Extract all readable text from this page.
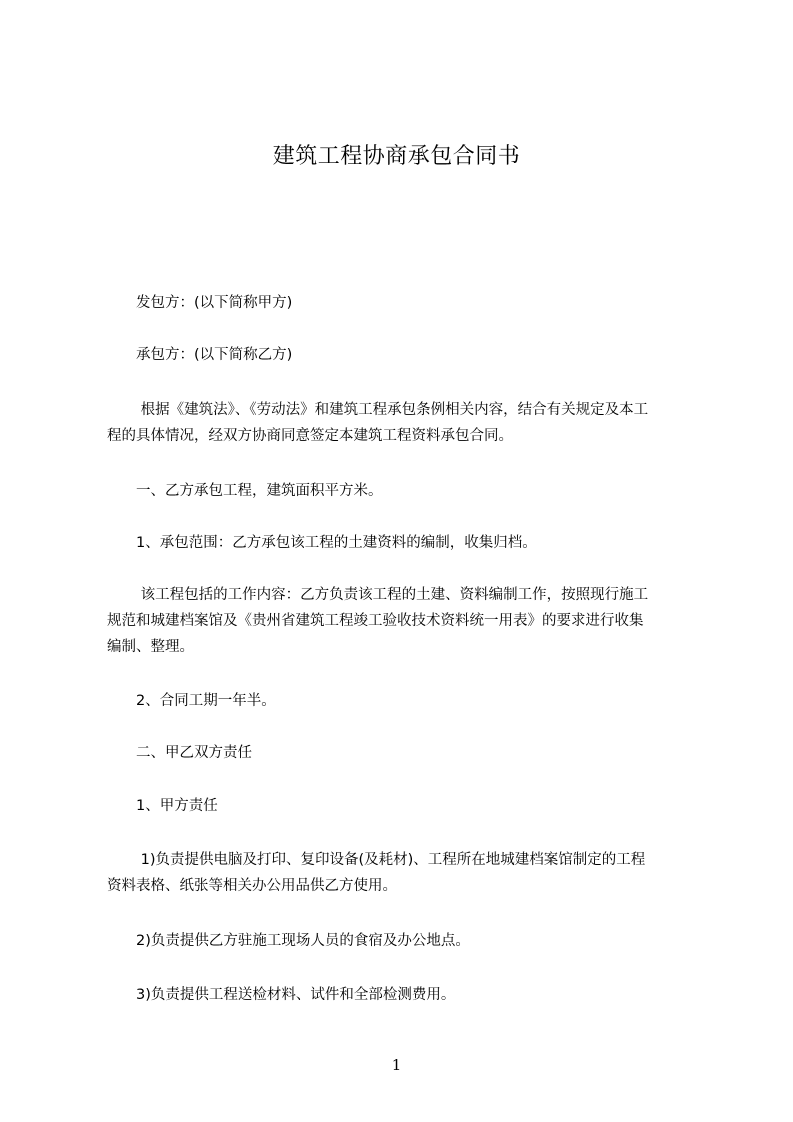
建筑工程协商承包合同书
　　发包方：(以下简称甲方)
　　承包方：(以下简称乙方)
　　 根据《建筑法》、《劳动法》和建筑工程承包条例相关内容，结合有关规定及本工
程的具体情况，经双方协商同意签定本建筑工程资料承包合同。
　　一、乙方承包工程，建筑面积平方米。
　　1、承包范围：乙方承包该工程的土建资料的编制，收集归档。
　　 该工程包括的工作内容：乙方负责该工程的土建、资料编制工作，按照现行施工
规范和城建档案馆及《贵州省建筑工程竣工验收技术资料统一用表》的要求进行收集
编制、整理。
　　2、合同工期一年半。
　　二、甲乙双方责任
　　1、甲方责任
　　 1)负责提供电脑及打印、复印设备(及耗材)、工程所在地城建档案馆制定的工程
资料表格、纸张等相关办公用品供乙方使用。
　　2)负责提供乙方驻施工现场人员的食宿及办公地点。
　　3)负责提供工程送检材料、试件和全部检测费用。
1
